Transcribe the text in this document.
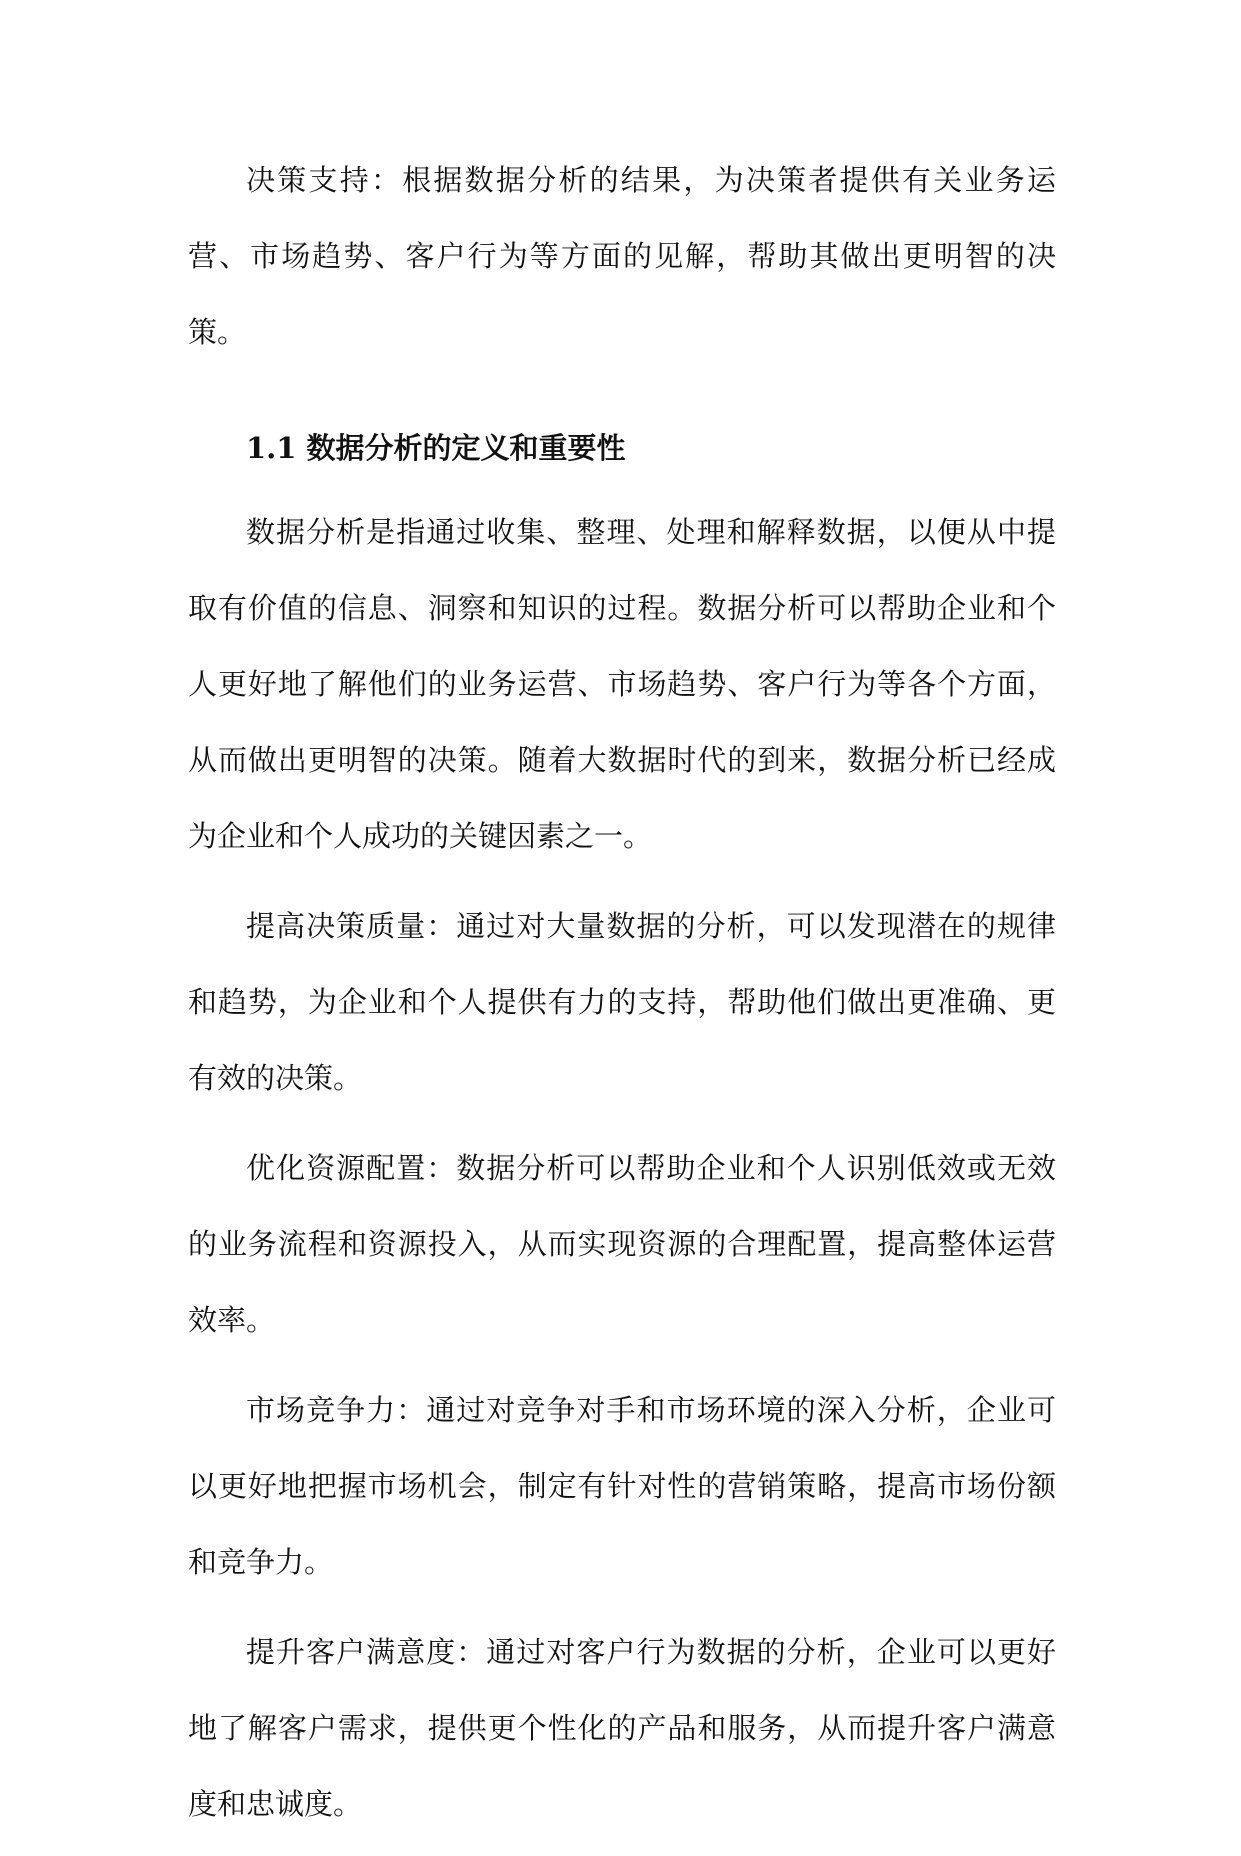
决策支持：根据数据分析的结果，为决策者提供有关业务运营、市场趋势、客户行为等方面的见解，帮助其做出更明智的决策。

1.1 数据分析的定义和重要性

数据分析是指通过收集、整理、处理和解释数据，以便从中提取有价值的信息、洞察和知识的过程。数据分析可以帮助企业和个人更好地了解他们的业务运营、市场趋势、客户行为等各个方面，从而做出更明智的决策。随着大数据时代的到来，数据分析已经成为企业和个人成功的关键因素之一。

提高决策质量：通过对大量数据的分析，可以发现潜在的规律和趋势，为企业和个人提供有力的支持，帮助他们做出更准确、更有效的决策。

优化资源配置：数据分析可以帮助企业和个人识别低效或无效的业务流程和资源投入，从而实现资源的合理配置，提高整体运营效率。

市场竞争力：通过对竞争对手和市场环境的深入分析，企业可以更好地把握市场机会，制定有针对性的营销策略，提高市场份额和竞争力。

提升客户满意度：通过对客户行为数据的分析，企业可以更好地了解客户需求，提供更个性化的产品和服务，从而提升客户满意度和忠诚度。
